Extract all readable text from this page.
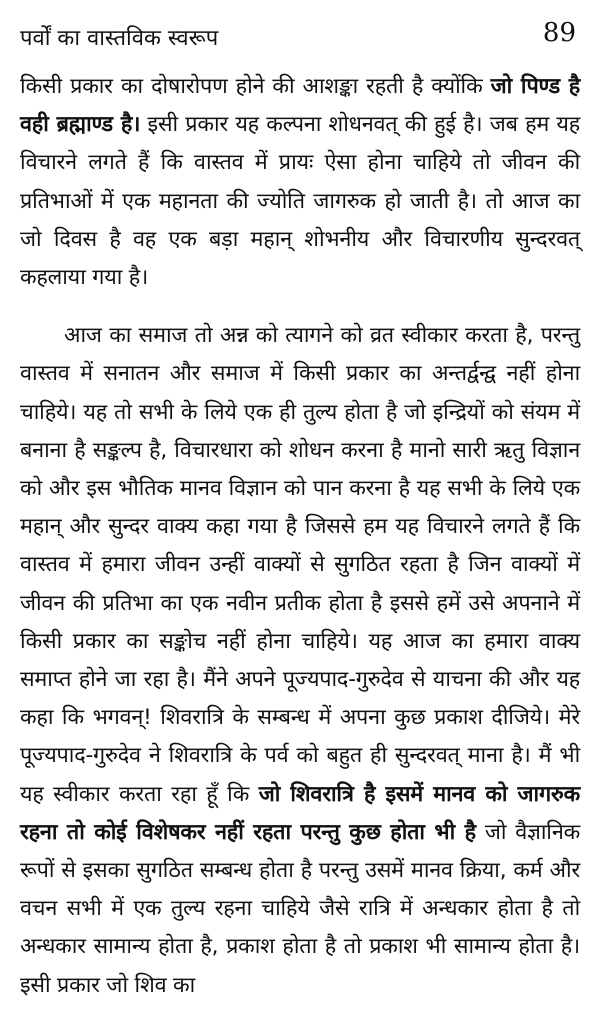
पर्वों का वास्तविक स्वरूप	89

किसी प्रकार का दोषारोपण होने की आशङ्का रहती है क्योंकि जो पिण्ड है वही ब्रह्माण्ड है। इसी प्रकार यह कल्पना शोधनवत् की हुई है। जब हम यह विचारने लगते हैं कि वास्तव में प्रायः ऐसा होना चाहिये तो जीवन की प्रतिभाओं में एक महानता की ज्योति जागरुक हो जाती है। तो आज का जो दिवस है वह एक बड़ा महान् शोभनीय और विचारणीय सुन्दरवत् कहलाया गया है।

आज का समाज तो अन्न को त्यागने को व्रत स्वीकार करता है, परन्तु वास्तव में सनातन और समाज में किसी प्रकार का अन्तर्द्वन्द्व नहीं होना चाहिये। यह तो सभी के लिये एक ही तुल्य होता है जो इन्द्रियों को संयम में बनाना है सङ्कल्प है, विचारधारा को शोधन करना है मानो सारी ऋतु विज्ञान को और इस भौतिक मानव विज्ञान को पान करना है यह सभी के लिये एक महान् और सुन्दर वाक्य कहा गया है जिससे हम यह विचारने लगते हैं कि वास्तव में हमारा जीवन उन्हीं वाक्यों से सुगठित रहता है जिन वाक्यों में जीवन की प्रतिभा का एक नवीन प्रतीक होता है इससे हमें उसे अपनाने में किसी प्रकार का सङ्कोच नहीं होना चाहिये। यह आज का हमारा वाक्य समाप्त होने जा रहा है। मैंने अपने पूज्यपाद-गुरुदेव से याचना की और यह कहा कि भगवन्! शिवरात्रि के सम्बन्ध में अपना कुछ प्रकाश दीजिये। मेरे पूज्यपाद-गुरुदेव ने शिवरात्रि के पर्व को बहुत ही सुन्दरवत् माना है। मैं भी यह स्वीकार करता रहा हूँ कि जो शिवरात्रि है इसमें मानव को जागरुक रहना तो कोई विशेषकर नहीं रहता परन्तु कुछ होता भी है जो वैज्ञानिक रूपों से इसका सुगठित सम्बन्ध होता है परन्तु उसमें मानव क्रिया, कर्म और वचन सभी में एक तुल्य रहना चाहिये जैसे रात्रि में अन्धकार होता है तो अन्धकार सामान्य होता है, प्रकाश होता है तो प्रकाश भी सामान्य होता है। इसी प्रकार जो शिव का
